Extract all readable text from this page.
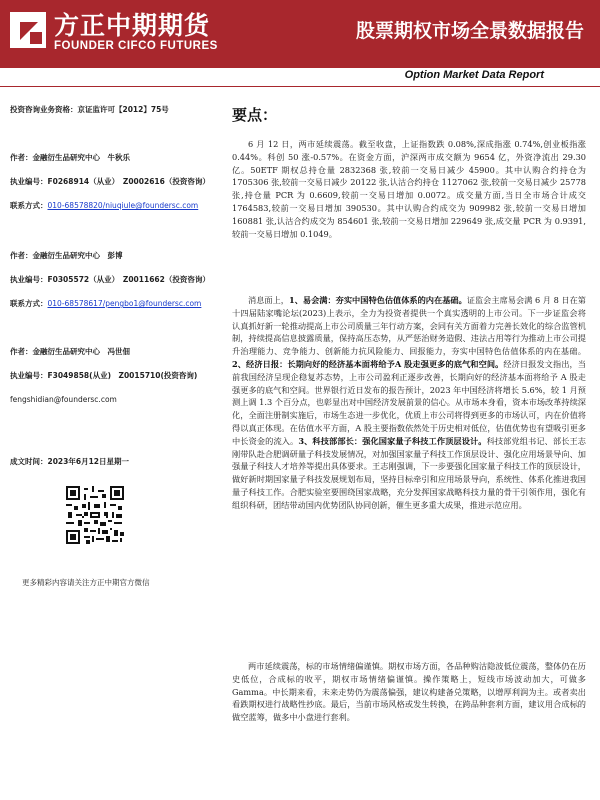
方正中期期货
FOUNDER CIFCO FUTURES
股票期权市场全景数据报告
Option Market Data Report
投资咨询业务资格：京证监许可【2012】75号
作者：金融衍生品研究中心　牛秋乐
执业编号：F0268914（从业）　Z0002616（投资咨询）
联系方式：010-68578820/niuqiule@foundersc.com
作者：金融衍生品研究中心　彭博
执业编号：F0305572（从业）　Z0011662（投资咨询）
联系方式：010-68578617/pengbo1@foundersc.com
作者：金融衍生品研究中心　冯世佃
执业编号：F3049858(从业)　Z0015710(投资咨询)
fengshidian@foundersc.com
成文时间：2023年6月12日星期一
更多精彩内容请关注方正中期官方微信
要点：

6 月 12 日，两市延续震荡。截至收盘，上证指数跌 0.08%,深成指涨 0.74%,创业板指涨 0.44%。科创 50 涨-0.57%。在资金方面，沪深两市成交额为 9654 亿，外资净流出 29.30 亿。50ETF 期权总持仓量 2832368 张,较前一交易日减少 45900。其中认购合约持仓为 1705306 张,较前一交易日减少 20122 张,认沽合约持仓 1127062 张,较前一交易日减少 25778 张,持仓量 PCR 为 0.6609,较前一交易日增加 0.0072。成交量方面,当日全市场合计成交 1764583,较前一交易日增加 390530。其中认购合约成交为 909982 张,较前一交易日增加 160881 张,认沽合约成交为 854601 张,较前一交易日增加 229649 张,成交量 PCR 为 0.9391,较前一交易日增加 0.1049。

消息面上，1、易会满：夯实中国特色估值体系的内在基础。证监会主席易会满 6 月 8 日在第十四届陆家嘴论坛(2023)上表示，全力为投资者提供一个真实透明的上市公司。下一步证监会将认真抓好新一轮推动提高上市公司质量三年行动方案，会同有关方面着力完善长效化的综合监管机制，持续提高信息披露质量，保持高压态势，从严惩治财务造假、违法占用等行为推动上市公司提升治理能力、竞争能力、创新能力抗风险能力、回报能力，夯实中国特色估值体系的内在基础。2、经济日报：长期向好的经济基本面将给予A 股走强更多的底气和空间。经济日报发文指出，当前我国经济呈现企稳复苏态势，上市公司盈利正逐步改善，长期向好的经济基本面将给予 A 股走强更多的底气和空间。世界银行近日发布的报告预计，2023 年中国经济将增长 5.6%，较 1 月预测上调 1.3 个百分点，也彰显出对中国经济发展前景的信心。从市场本身看，资本市场改革持续深化，全面注册制实施后，市场生态进一步优化，优质上市公司将得到更多的市场认可，内在价值将得以真正体现。在估值水平方面，A 股主要指数依然处于历史相对低位，估值优势也有望吸引更多中长资金的流入。3、科技部部长：强化国家量子科技工作顶层设计。科技部党组书记、部长王志刚带队赴合肥调研量子科技发展情况，对加强国家量子科技工作顶层设计、强化应用场景导向、加强量子科技人才培养等提出具体要求。王志刚强调，下一步要强化国家量子科技工作的顶层设计，做好新时期国家量子科技发展规划布局，坚持目标牵引和应用场景导向，系统性、体系化推进我国量子科技工作。合肥实验室要围绕国家战略，充分发挥国家战略科技力量的骨干引领作用，强化有组织科研，团结带动国内优势团队协同创新，催生更多重大成果，推进示范应用。

两市延续震荡，标的市场情绪偏谨慎。期权市场方面，各品种购沽隐波低位震荡，整体仍在历史低位，合成标的收平，期权市场情绪偏谨慎。操作策略上，短线市场波动加大，可做多 Gamma。中长期来看，未来走势仍为震荡偏强，建议构建备兑策略，以增厚利润为主。或者卖出看跌期权进行战略性抄底。最后，当前市场风格或发生转换，在跨品种套利方面，建议用合成标的做空蓝筹，做多中小盘进行套利。
